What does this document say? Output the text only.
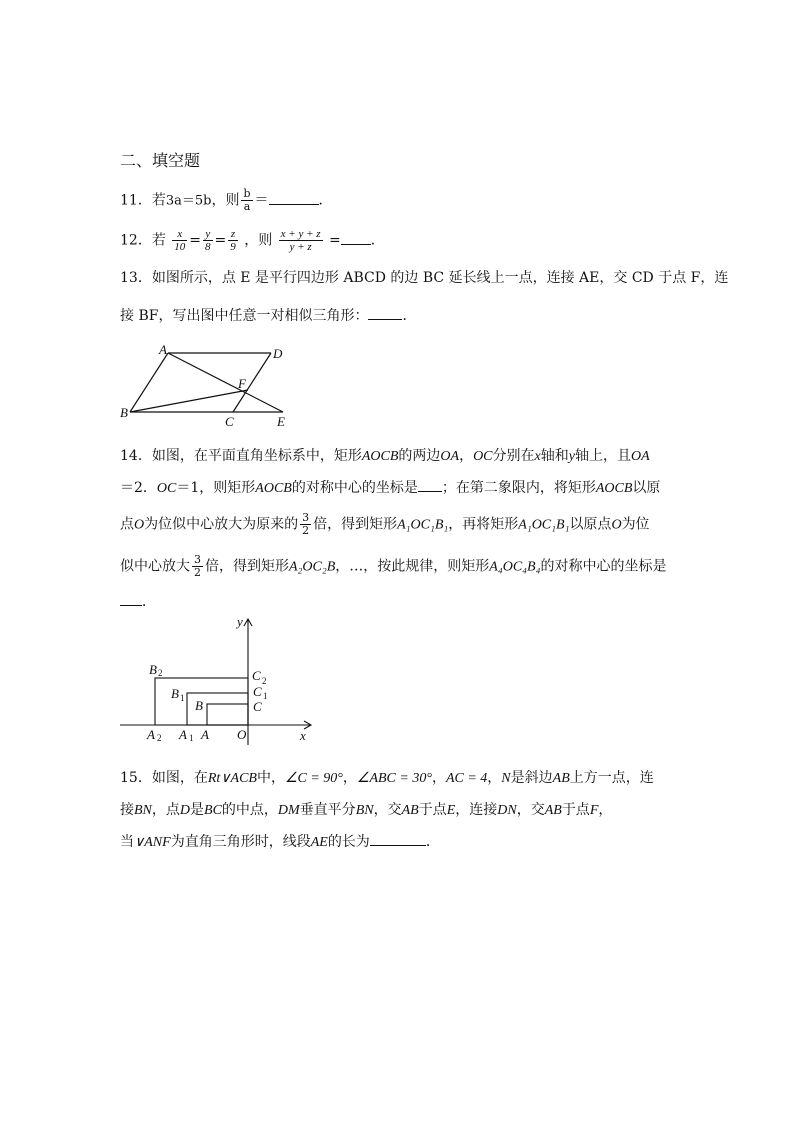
二、填空题
11．若3a＝5b，则 $\frac{b}{a}$ ＝	．
12．若 $\frac{x}{10} = \frac{y}{8} = \frac{z}{9}$ ，则 $\frac{x + y + z}{y + z}$ = ．
13．如图所示，点 E 是平行四边形 ABCD 的边 BC 延长线上一点，连接 AE，交 CD 于点 F，连
接 BF，写出图中任意一对相似三角形： ．
A	D
B
C	E
F
14．如图，在平面直角坐标系中，矩形AOCB的两边OA，OC分别在x轴和y轴上，且OA
＝2．OC＝1，则矩形AOCB的对称中心的坐标是 ；在第二象限内，将矩形AOCB以原
点O为位似中心放大为原来的 $\frac{3}{2}$ 倍，得到矩形A₁OC₁B₁，再将矩形A₁OC₁B₁以原点O为位
似中心放大 $\frac{3}{2}$ 倍，得到矩形A₂OC₂B，…，按此规律，则矩形A₄OC₄B₄的对称中心的坐标是
．
y
x
O
B 2
B 1 B
C 2
C 1
C
A 2 A 1 A
15．如图，在Rt∨ACB中，∠C = 90°，∠ABC = 30°，AC = 4，N是斜边AB上方一点，连
接BN，点D是BC的中点，DM垂直平分BN，交AB于点E，连接DN，交AB于点F，
当∨ANF为直角三角形时，线段AE的长为	．
